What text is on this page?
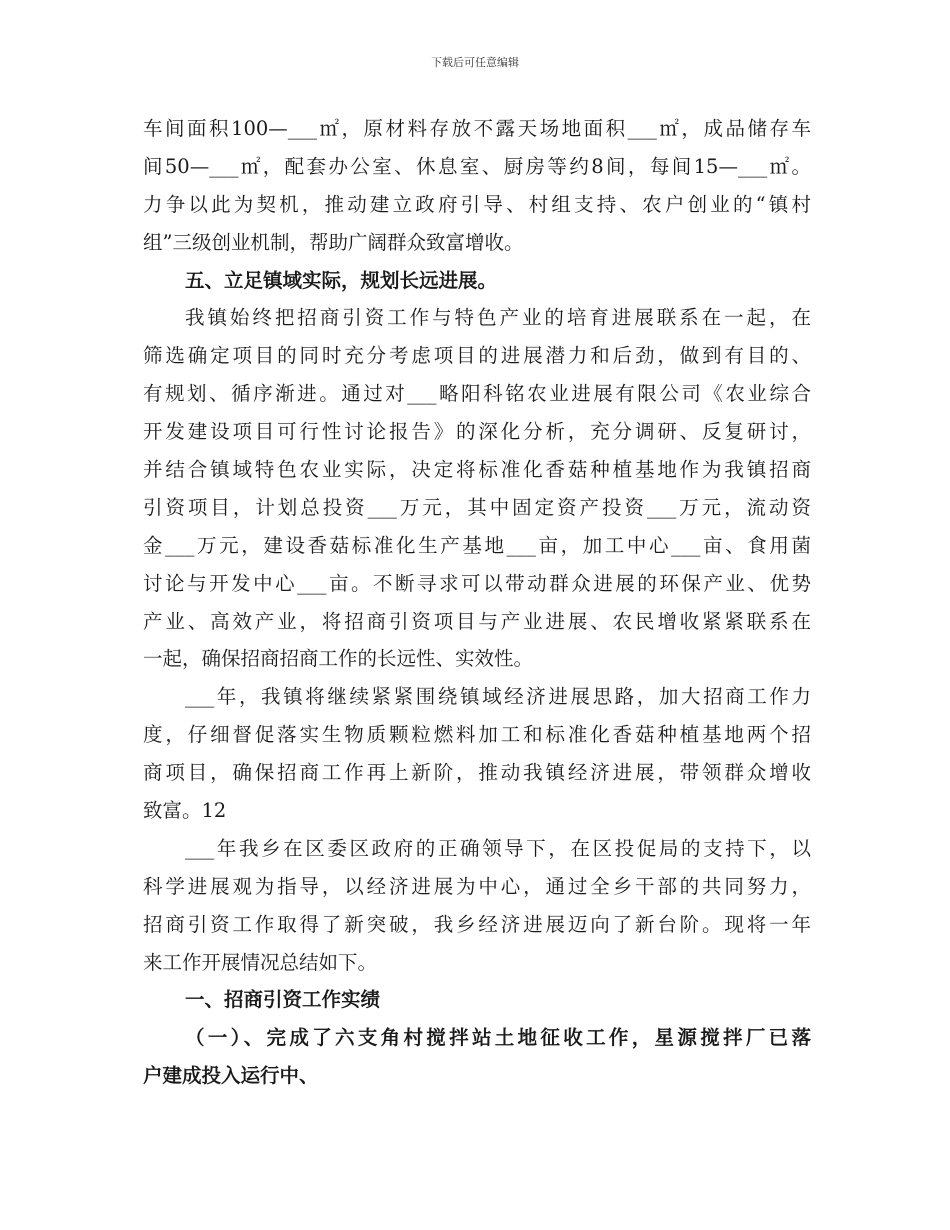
下载后可任意编辑
车间面积100—___㎡，原材料存放不露天场地面积___㎡，成品储存车
间50—___㎡，配套办公室、休息室、厨房等约8间，每间15—___㎡。
力争以此为契机，推动建立政府引导、村组支持、农户创业的“镇村
组”三级创业机制，帮助广阔群众致富增收。
五、立足镇域实际，规划长远进展。
我镇始终把招商引资工作与特色产业的培育进展联系在一起，在
筛选确定项目的同时充分考虑项目的进展潜力和后劲，做到有目的、
有规划、循序渐进。通过对___略阳科铭农业进展有限公司《农业综合
开发建设项目可行性讨论报告》的深化分析，充分调研、反复研讨，
并结合镇域特色农业实际，决定将标准化香菇种植基地作为我镇招商
引资项目，计划总投资___万元，其中固定资产投资___万元，流动资
金___万元，建设香菇标准化生产基地___亩，加工中心___亩、食用菌
讨论与开发中心___亩。不断寻求可以带动群众进展的环保产业、优势
产业、高效产业，将招商引资项目与产业进展、农民增收紧紧联系在
一起，确保招商招商工作的长远性、实效性。
___年，我镇将继续紧紧围绕镇域经济进展思路，加大招商工作力
度，仔细督促落实生物质颗粒燃料加工和标准化香菇种植基地两个招
商项目，确保招商工作再上新阶，推动我镇经济进展，带领群众增收
致富。12
___年我乡在区委区政府的正确领导下，在区投促局的支持下，以
科学进展观为指导，以经济进展为中心，通过全乡干部的共同努力，
招商引资工作取得了新突破，我乡经济进展迈向了新台阶。现将一年
来工作开展情况总结如下。
一、招商引资工作实绩
（一）、完成了六支角村搅拌站土地征收工作，星源搅拌厂已落
户建成投入运行中、
